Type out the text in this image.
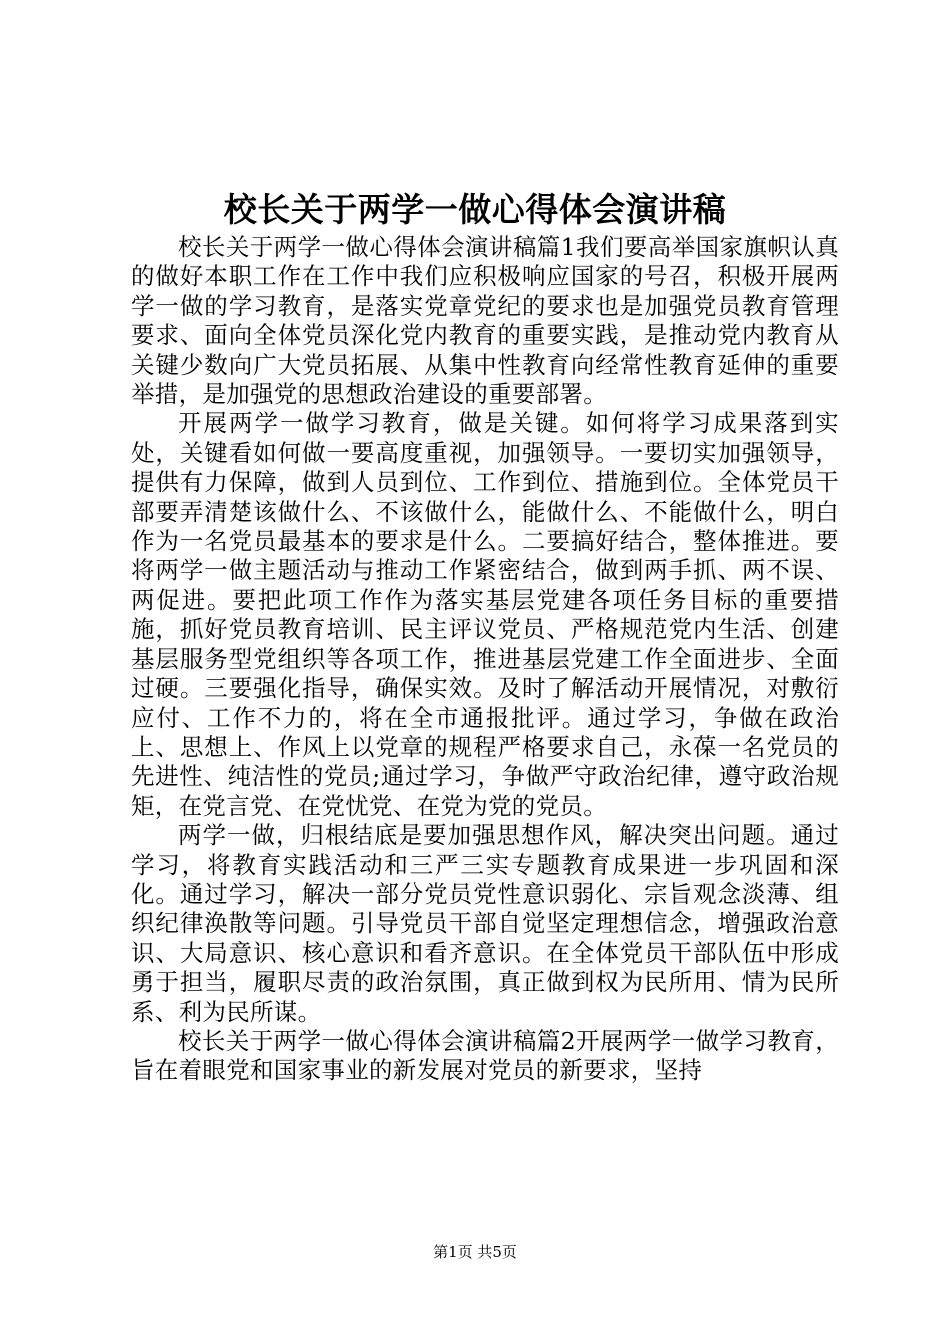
校长关于两学一做心得体会演讲稿

校长关于两学一做心得体会演讲稿篇1我们要高举国家旗帜认真的做好本职工作在工作中我们应积极响应国家的号召，积极开展两学一做的学习教育，是落实党章党纪的要求也是加强党员教育管理要求、面向全体党员深化党内教育的重要实践，是推动党内教育从关键少数向广大党员拓展、从集中性教育向经常性教育延伸的重要举措，是加强党的思想政治建设的重要部署。

开展两学一做学习教育，做是关键。如何将学习成果落到实处，关键看如何做一要高度重视，加强领导。一要切实加强领导，提供有力保障，做到人员到位、工作到位、措施到位。全体党员干部要弄清楚该做什么、不该做什么，能做什么、不能做什么，明白作为一名党员最基本的要求是什么。二要搞好结合，整体推进。要将两学一做主题活动与推动工作紧密结合，做到两手抓、两不误、两促进。要把此项工作作为落实基层党建各项任务目标的重要措施，抓好党员教育培训、民主评议党员、严格规范党内生活、创建基层服务型党组织等各项工作，推进基层党建工作全面进步、全面过硬。三要强化指导，确保实效。及时了解活动开展情况，对敷衍应付、工作不力的，将在全市通报批评。通过学习，争做在政治上、思想上、作风上以党章的规程严格要求自己，永葆一名党员的先进性、纯洁性的党员;通过学习，争做严守政治纪律，遵守政治规矩，在党言党、在党忧党、在党为党的党员。

两学一做，归根结底是要加强思想作风，解决突出问题。通过学习，将教育实践活动和三严三实专题教育成果进一步巩固和深化。通过学习，解决一部分党员党性意识弱化、宗旨观念淡薄、组织纪律涣散等问题。引导党员干部自觉坚定理想信念，增强政治意识、大局意识、核心意识和看齐意识。在全体党员干部队伍中形成勇于担当，履职尽责的政治氛围，真正做到权为民所用、情为民所系、利为民所谋。

校长关于两学一做心得体会演讲稿篇2开展两学一做学习教育，旨在着眼党和国家事业的新发展对党员的新要求，坚持

第1页 共5页
